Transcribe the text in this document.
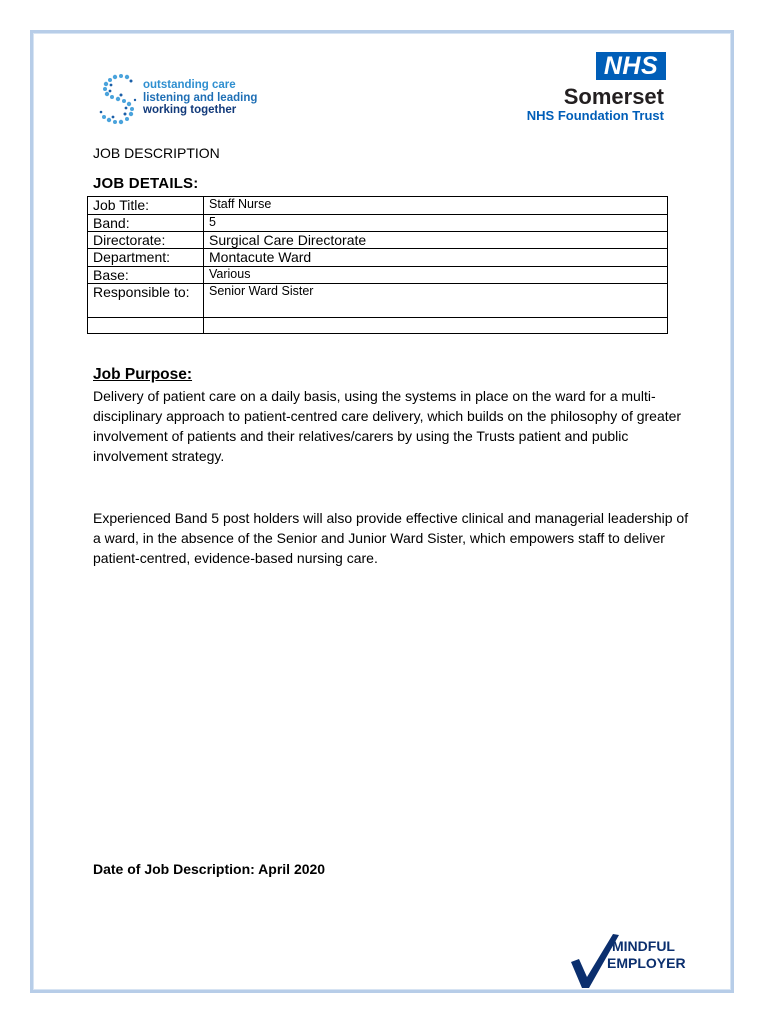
outstanding care
listening and leading
working together
NHS
Somerset
NHS Foundation Trust
JOB DESCRIPTION
JOB DETAILS:
Job Title:	Staff Nurse
Band:	5
Directorate:	Surgical Care Directorate
Department:	Montacute Ward
Base:	Various
Responsible to:	Senior Ward Sister

Job Purpose:
Delivery of patient care on a daily basis, using the systems in place on the ward for a multi-disciplinary approach to patient-centred care delivery, which builds on the philosophy of greater involvement of patients and their relatives/carers by using the Trusts patient and public involvement strategy.
Experienced Band 5 post holders will also provide effective clinical and managerial leadership of a ward, in the absence of the Senior and Junior Ward Sister, which empowers staff to deliver patient-centred, evidence-based nursing care.
Date of Job Description: April 2020
MINDFUL
EMPLOYER
